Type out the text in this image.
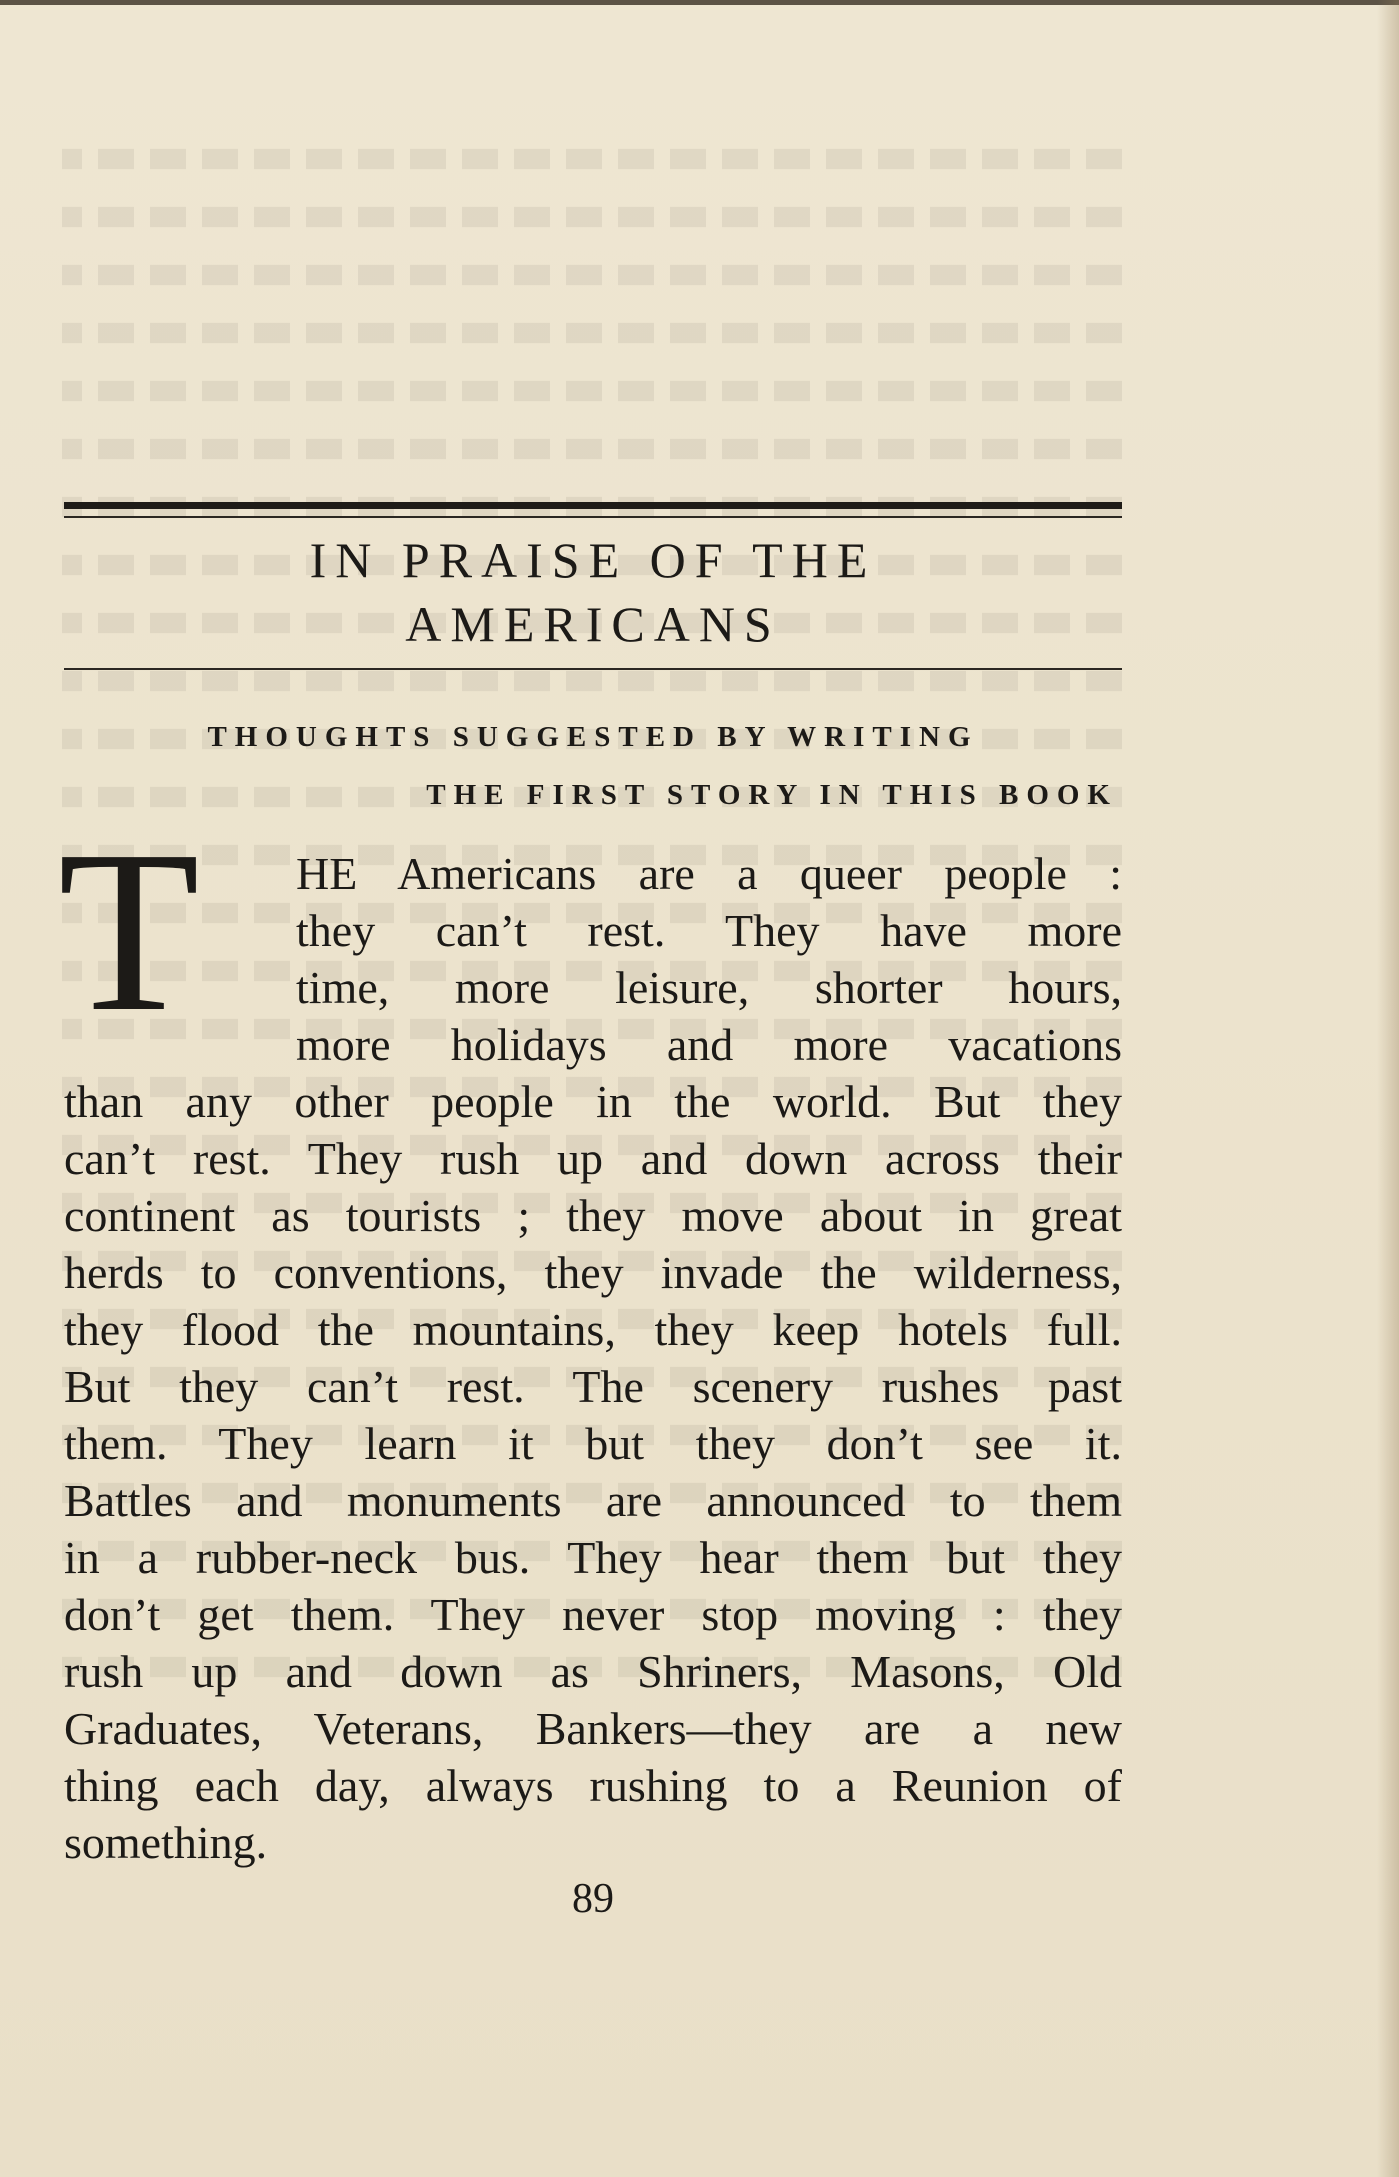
IN PRAISE OF THE
AMERICANS
THOUGHTS SUGGESTED BY WRITING
THE FIRST STORY IN THIS BOOK
T	HE Americans are a queer people :
they can’t rest. They have more
time, more leisure, shorter hours,
more holidays and more vacations
than any other people in the world. But they
can’t rest. They rush up and down across their
continent as tourists ; they move about in great
herds to conventions, they invade the wilderness,
they flood the mountains, they keep hotels full.
But they can’t rest. The scenery rushes past
them. They learn it but they don’t see it.
Battles and monuments are announced to them
in a rubber-neck bus. They hear them but they
don’t get them. They never stop moving : they
rush up and down as Shriners, Masons, Old
Graduates, Veterans, Bankers—they are a new
thing each day, always rushing to a Reunion of
something.
89
